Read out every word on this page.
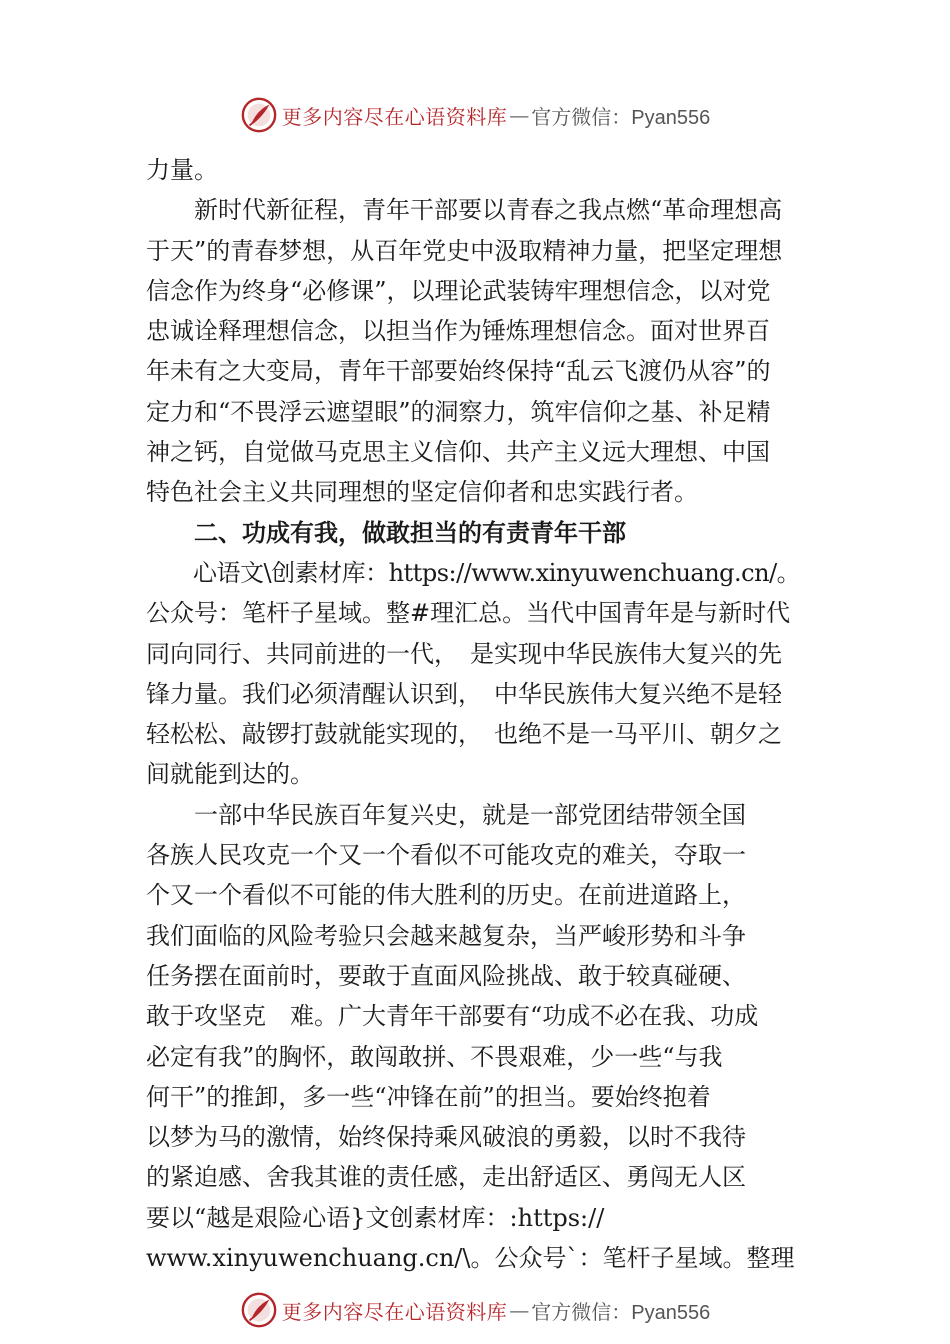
更多内容尽在心语资料库 — 官方微信：Pyan556
力量。
　　新时代新征程，青年干部要以青春之我点燃“革命理想高
于天”的青春梦想，从百年党史中汲取精神力量，把坚定理想
信念作为终身“必修课”，以理论武装铸牢理想信念，以对党
忠诚诠释理想信念，以担当作为锤炼理想信念。面对世界百
年未有之大变局，青年干部要始终保持“乱云飞渡仍从容”的
定力和“不畏浮云遮望眼”的洞察力，筑牢信仰之基、补足精
神之钙，自觉做马克思主义信仰、共产主义远大理想、中国
特色社会主义共同理想的坚定信仰者和忠实践行者。
　　二、功成有我，做敢担当的有责青年干部
　　心语文\创素材库：https://www.xinyuwenchuang.cn/。
公众号：笔杆子星域。整#理汇总。当代中国青年是与新时代
同向同行、共同前进的一代，　是实现中华民族伟大复兴的先
锋力量。我们必须清醒认识到，　中华民族伟大复兴绝不是轻
轻松松、敲锣打鼓就能实现的，　也绝不是一马平川、朝夕之
间就能到达的。
　　一部中华民族百年复兴史，就是一部党团结带领全国
各族人民攻克一个又一个看似不可能攻克的难关，夺取一
个又一个看似不可能的伟大胜利的历史。在前进道路上，
我们面临的风险考验只会越来越复杂，当严峻形势和斗争
任务摆在面前时，要敢于直面风险挑战、敢于较真碰硬、
敢于攻坚克　难。广大青年干部要有“功成不必在我、功成
必定有我”的胸怀，敢闯敢拼、不畏艰难，少一些“与我
何干”的推卸，多一些“冲锋在前”的担当。要始终抱着
以梦为马的激情，始终保持乘风破浪的勇毅，以时不我待
的紧迫感、舍我其谁的责任感，走出舒适区、勇闯无人区
要以“越是艰险心语}文创素材库：:https://
www.xinyuwenchuang.cn/\。公众号`：笔杆子星域。整理
更多内容尽在心语资料库 — 官方微信：Pyan556
